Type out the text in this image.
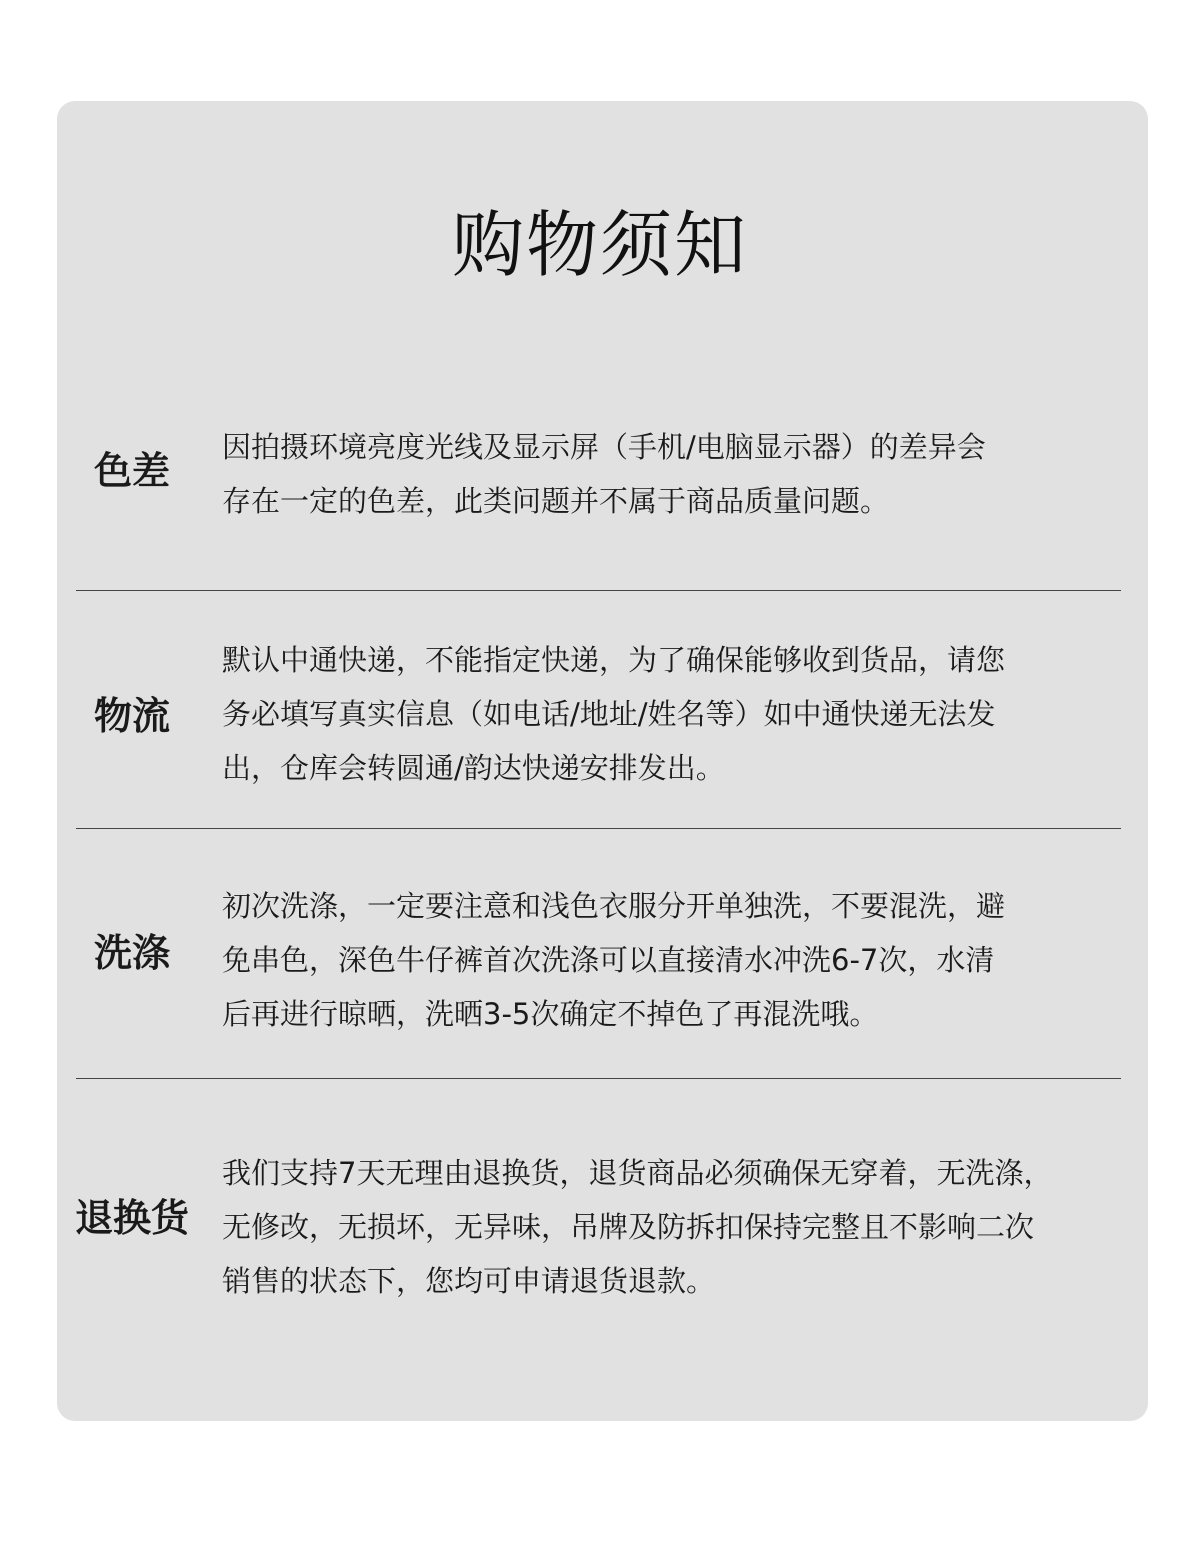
购物须知
色差
因拍摄环境亮度光线及显示屏（手机/电脑显示器）的差异会
存在一定的色差，此类问题并不属于商品质量问题。
物流
默认中通快递，不能指定快递，为了确保能够收到货品，请您
务必填写真实信息（如电话/地址/姓名等）如中通快递无法发
出，仓库会转圆通/韵达快递安排发出。
洗涤
初次洗涤，一定要注意和浅色衣服分开单独洗，不要混洗，避
免串色，深色牛仔裤首次洗涤可以直接清水冲洗6-7次，水清
后再进行晾晒，洗晒3-5次确定不掉色了再混洗哦。
退换货
我们支持7天无理由退换货，退货商品必须确保无穿着，无洗涤，
无修改，无损坏，无异味，吊牌及防拆扣保持完整且不影响二次
销售的状态下，您均可申请退货退款。
